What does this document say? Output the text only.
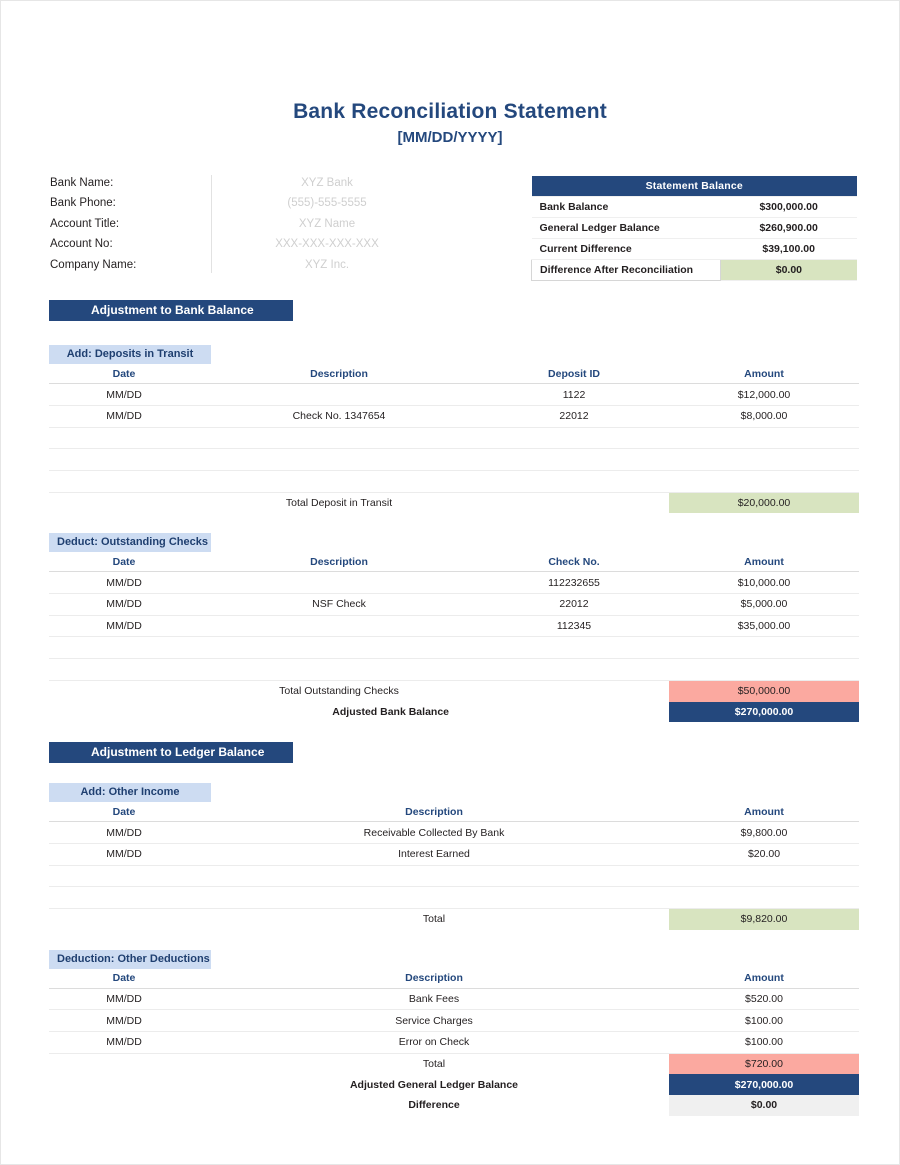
Bank Reconciliation Statement
[MM/DD/YYYY]
Bank Name:		XYZ Bank
Bank Phone:		(555)-555-5555
Account Title:		XYZ Name
Account No:		XXX-XXX-XXX-XXX
Company Name:		XYZ Inc.
Statement Balance	
Bank Balance	$300,000.00
General Ledger Balance	$260,900.00
Current Difference	$39,100.00
Difference After Reconciliation	$0.00
Adjustment to Bank Balance
Add: Deposits in Transit
Date	Description	Deposit ID	Amount
MM/DD		1122	$12,000.00
MM/DD	Check No. 1347654	22012	$8,000.00

	Total Deposit in Transit		$20,000.00
Deduct: Outstanding Checks
Date	Description	Check No.	Amount
MM/DD		112232655	$10,000.00
MM/DD	NSF Check	22012	$5,000.00
MM/DD		112345	$35,000.00

	Total Outstanding Checks		$50,000.00
	Adjusted Bank Balance		$270,000.00
Adjustment to Ledger Balance
Add: Other Income
Date	Description	Amount
MM/DD	Receivable Collected By Bank	$9,800.00
MM/DD	Interest Earned	$20.00

	Total	$9,820.00
Deduction: Other Deductions
Date	Description	Amount
MM/DD	Bank Fees	$520.00
MM/DD	Service Charges	$100.00
MM/DD	Error on Check	$100.00
	Total	$720.00
	Adjusted General Ledger Balance	$270,000.00
	Difference	$0.00
